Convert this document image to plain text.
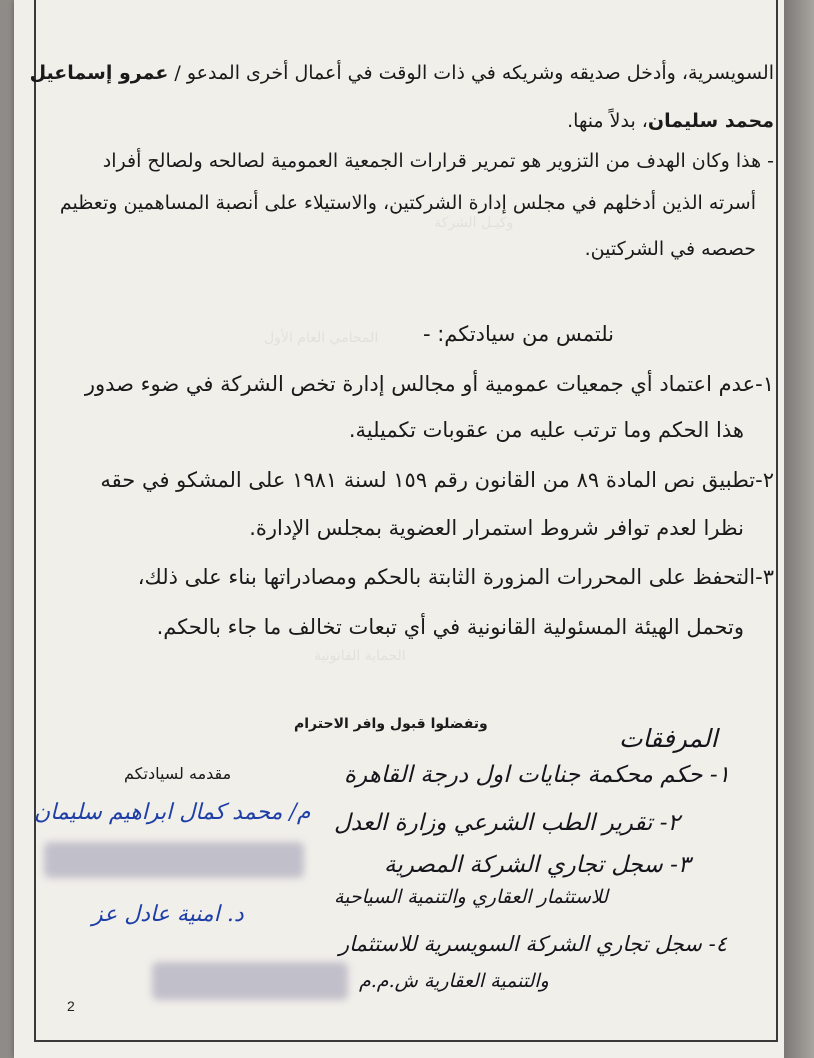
وكيـل الشركة
المحامي العام الأول
الحماية القانونية
السويسرية، وأدخل صديقه وشريكه في ذات الوقت في أعمال أخرى المدعو / عمرو إسماعيل
محمد سليمان، بدلاً منها.
- هذا وكان الهدف من التزوير هو تمرير قرارات الجمعية العمومية لصالحه ولصالح أفراد
أسرته الذين أدخلهم في مجلس إدارة الشركتين، والاستيلاء على أنصبة المساهمين وتعظيم
حصصه في الشركتين.
نلتمس من سيادتكم: -
١-عدم اعتماد أي جمعيات عمومية أو مجالس إدارة تخص الشركة في ضوء صدور
هذا الحكم وما ترتب عليه من عقوبات تكميلية.
٢-تطبيق نص المادة ٨٩ من القانون رقم ١٥٩ لسنة ١٩٨١ على المشكو في حقه
نظرا لعدم توافر شروط استمرار العضوية بمجلس الإدارة.
٣-التحفظ على المحررات المزورة الثابتة بالحكم ومصادراتها بناء على ذلك،
وتحمل الهيئة المسئولية القانونية في أي تبعات تخالف ما جاء بالحكم.
وتفضلوا قبول وافر الاحترام
مقدمه لسيادتكم
المرفقات
١- حكم محكمة جنايات اول درجة القاهرة
٢- تقرير الطب الشرعي وزارة العدل
٣- سجل تجاري الشركة المصرية
للاستثمار العقاري والتنمية السياحية
٤- سجل تجاري الشركة السويسرية للاستثمار
والتنمية العقارية ش.م.م
م/ محمد كمال ابراهيم سليمان
د. امنية عادل عز
2
